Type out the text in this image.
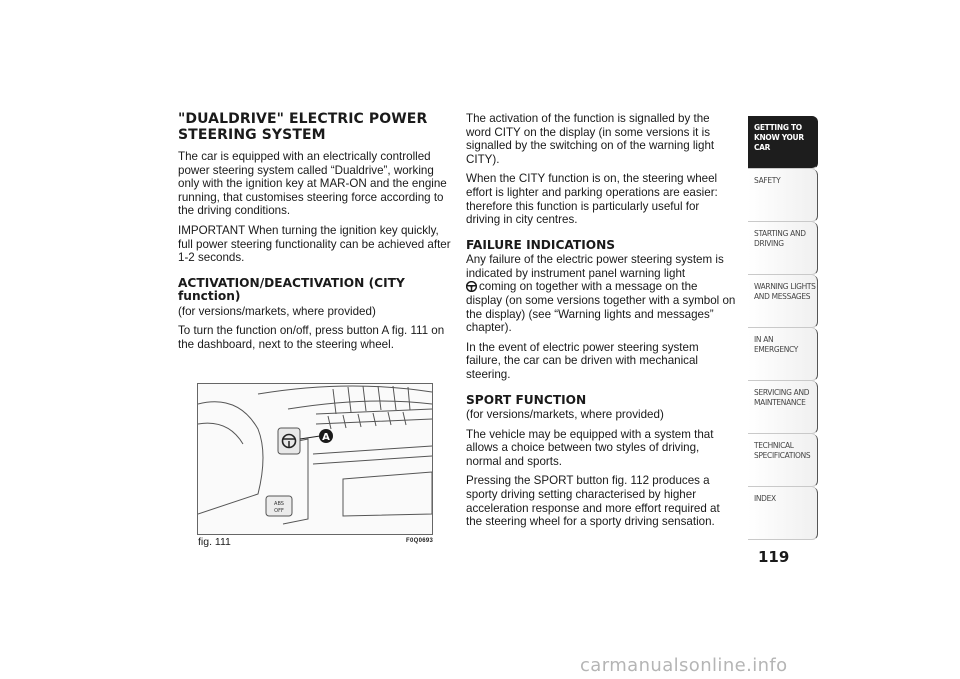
"DUALDRIVE" ELECTRIC POWER STEERING SYSTEM

The car is equipped with an electrically controlled power steering system called “Dualdrive”, working only with the ignition key at MAR-ON and the engine running, that customises steering force according to the driving conditions.

IMPORTANT When turning the ignition key quickly, full power steering functionality can be achieved after 1-2 seconds.

ACTIVATION/DEACTIVATION (CITY function)
(for versions/markets, where provided)

To turn the function on/off, press button A fig. 111 on the dashboard, next to the steering wheel.

The activation of the function is signalled by the word CITY on the display (in some versions it is signalled by the switching on of the warning light CITY).

When the CITY function is on, the steering wheel effort is lighter and parking operations are easier: therefore this function is particularly useful for driving in city centres.

FAILURE INDICATIONS

Any failure of the electric power steering system is indicated by instrument panel warning light
coming on together with a message on the display (on some versions together with a symbol on the display) (see “Warning lights and messages” chapter).

In the event of electric power steering system failure, the car can be driven with mechanical steering.

SPORT FUNCTION
(for versions/markets, where provided)

The vehicle may be equipped with a system that allows a choice between two styles of driving, normal and sports.

Pressing the SPORT button fig. 112 produces a sporty driving setting characterised by higher acceleration response and more effort required at the steering wheel for a sporty driving sensation.

A
ABS
OFF
fig. 111	F0Q0693
GETTING TO
KNOW YOUR CAR
SAFETY
STARTING AND
DRIVING
WARNING LIGHTS
AND MESSAGES
IN AN EMERGENCY
SERVICING AND
MAINTENANCE
TECHNICAL
SPECIFICATIONS
INDEX
119
carmanualsonline.info
